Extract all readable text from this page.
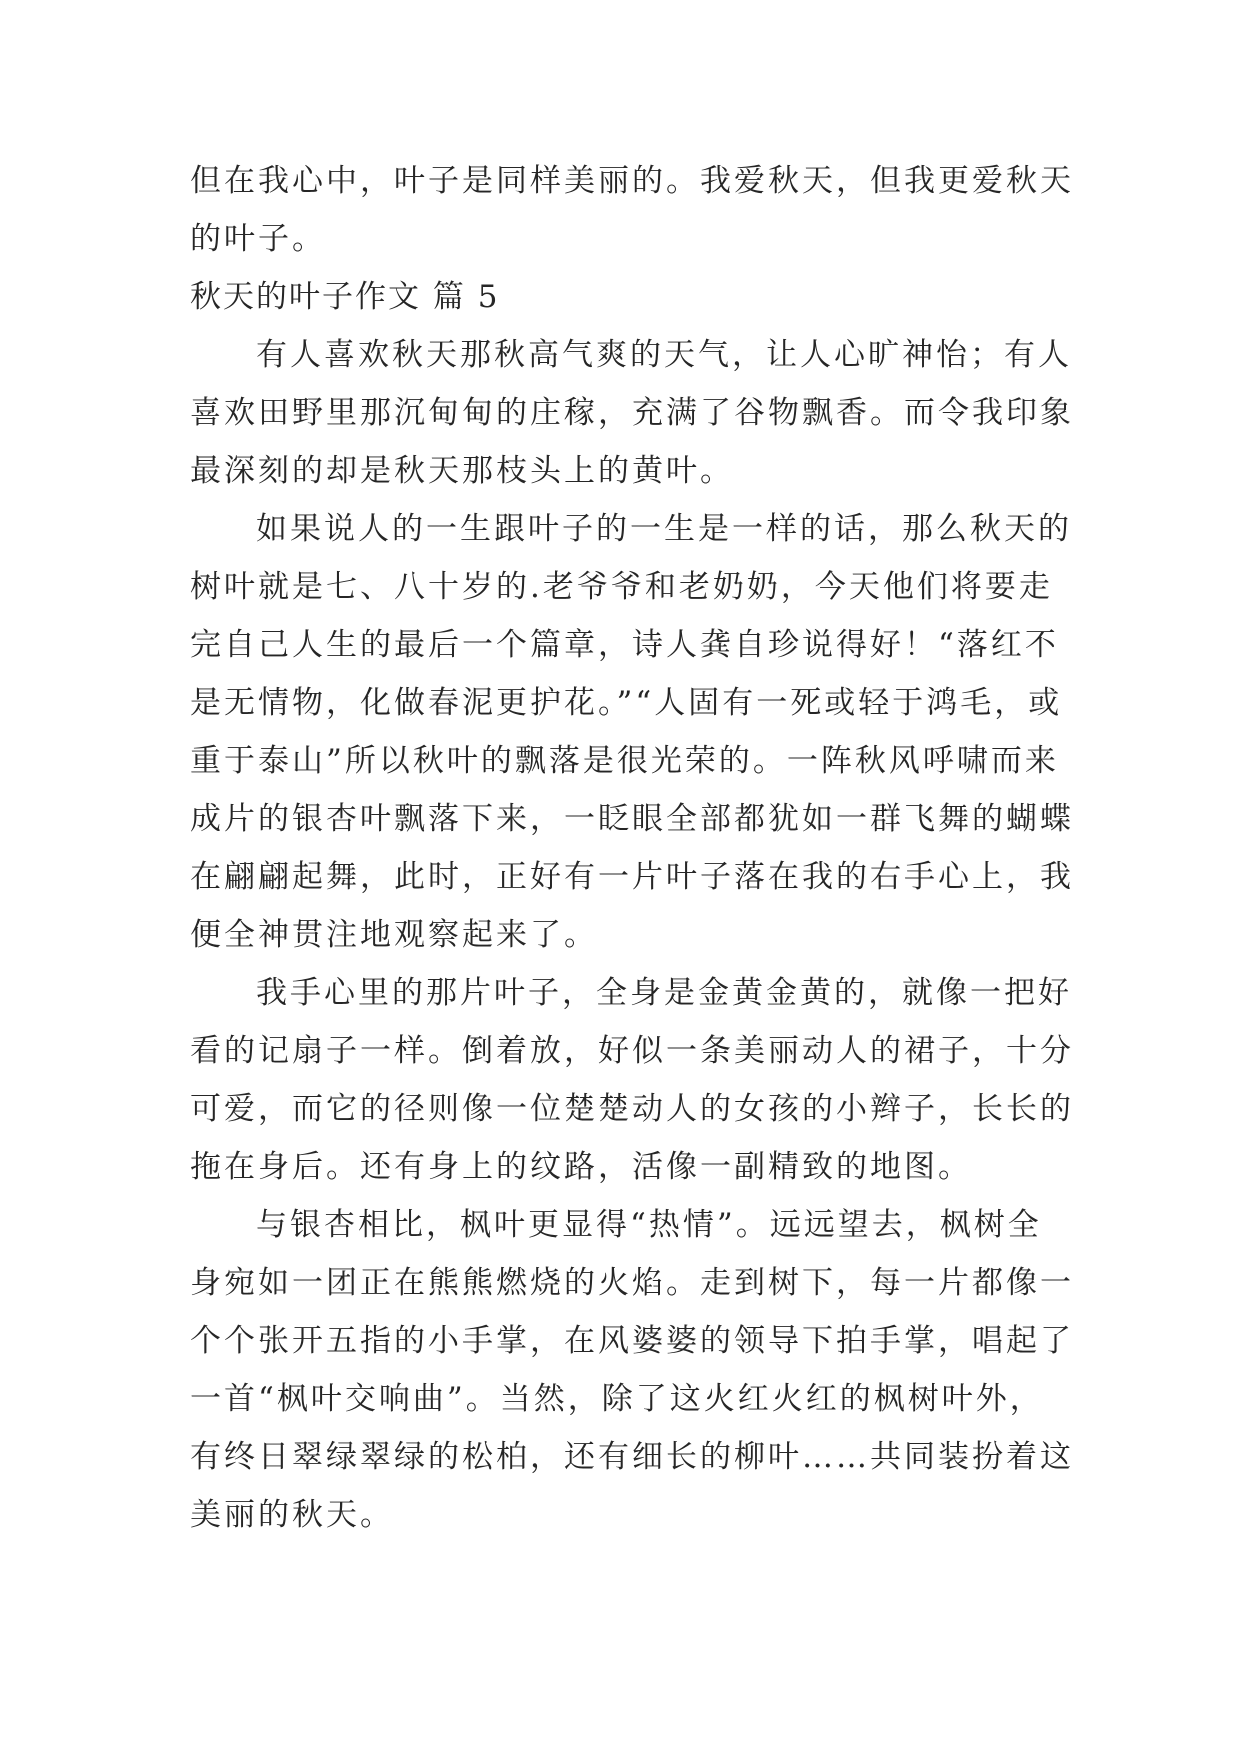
但在我心中，叶子是同样美丽的。我爱秋天，但我更爱秋天
的叶子。
秋天的叶子作文 篇 5
有人喜欢秋天那秋高气爽的天气，让人心旷神怡；有人
喜欢田野里那沉甸甸的庄稼，充满了谷物飘香。而令我印象
最深刻的却是秋天那枝头上的黄叶。
如果说人的一生跟叶子的一生是一样的话，那么秋天的
树叶就是七、八十岁的.老爷爷和老奶奶，今天他们将要走
完自己人生的最后一个篇章，诗人龚自珍说得好！“落红不
是无情物，化做春泥更护花。”“人固有一死或轻于鸿毛，或
重于泰山”所以秋叶的飘落是很光荣的。一阵秋风呼啸而来
成片的银杏叶飘落下来，一眨眼全部都犹如一群飞舞的蝴蝶
在翩翩起舞，此时，正好有一片叶子落在我的右手心上，我
便全神贯注地观察起来了。
我手心里的那片叶子，全身是金黄金黄的，就像一把好
看的记扇子一样。倒着放，好似一条美丽动人的裙子，十分
可爱，而它的径则像一位楚楚动人的女孩的小辫子，长长的
拖在身后。还有身上的纹路，活像一副精致的地图。
与银杏相比，枫叶更显得“热情”。远远望去，枫树全
身宛如一团正在熊熊燃烧的火焰。走到树下，每一片都像一
个个张开五指的小手掌，在风婆婆的领导下拍手掌，唱起了
一首“枫叶交响曲”。当然，除了这火红火红的枫树叶外，
有终日翠绿翠绿的松柏，还有细长的柳叶……共同装扮着这
美丽的秋天。
